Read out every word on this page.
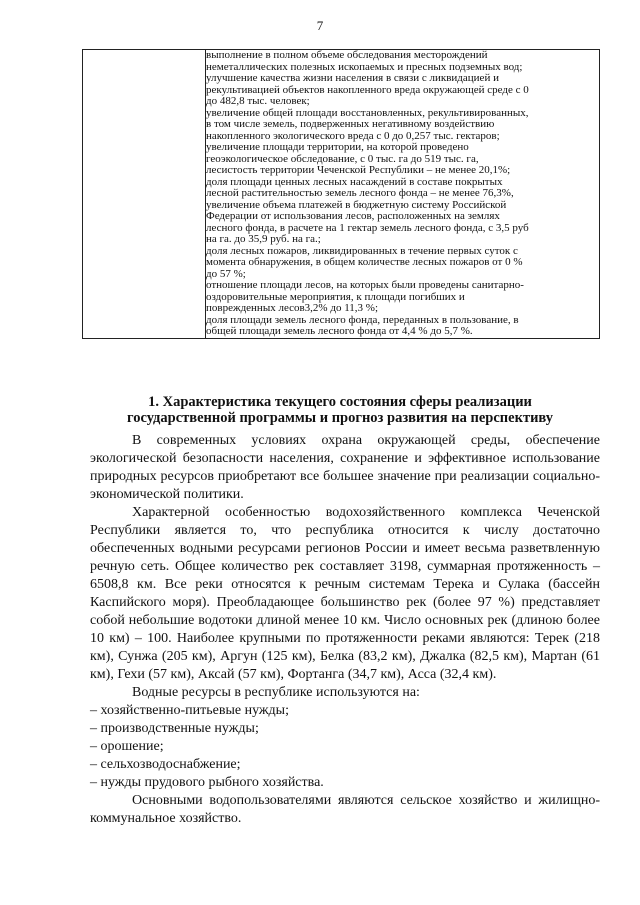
7

выполнение в полном объеме обследования месторождений
неметаллических полезных ископаемых и пресных подземных вод;

улучшение качества жизни населения в связи с ликвидацией и
рекультивацией объектов накопленного вреда окружающей среде с 0
до 482,8 тыс. человек;

увеличение общей площади восстановленных, рекультивированных,
в том числе земель, подверженных негативному воздействию
накопленного экологического вреда с 0 до 0,257 тыс. гектаров;

увеличение площади территории, на которой проведено
геоэкологическое обследование, с 0 тыс. га до 519 тыс. га,

лесистость территории Чеченской Республики – не менее 20,1%;

доля площади ценных лесных насаждений в составе покрытых
лесной растительностью земель лесного фонда – не менее 76,3%,

увеличение объема платежей в бюджетную систему Российской
Федерации от использования лесов, расположенных на землях
лесного фонда, в расчете на 1 гектар земель лесного фонда, с 3,5 руб
на га. до 35,9 руб. на га.;

доля лесных пожаров, ликвидированных в течение первых суток с
момента обнаружения, в общем количестве лесных пожаров от 0 %
до 57 %;

отношение площади лесов, на которых были проведены санитарно-
оздоровительные мероприятия, к площади погибших и
поврежденных лесов3,2% до 11,3 %;

доля площади земель лесного фонда, переданных в пользование, в
общей площади земель лесного фонда от 4,4 % до 5,7 %.

1. Характеристика текущего состояния сферы реализации
государственной программы и прогноз развития на перспективу

В современных условиях охрана окружающей среды, обеспечение экологической безопасности населения, сохранение и эффективное использование природных ресурсов приобретают все большее значение при реализации социально-экономической политики.

Характерной особенностью водохозяйственного комплекса Чеченской Республики является то, что республика относится к числу достаточно обеспеченных водными ресурсами регионов России и имеет весьма разветвленную речную сеть. Общее количество рек составляет 3198, суммарная протяженность – 6508,8 км. Все реки относятся к речным системам Терека и Сулака (бассейн Каспийского моря). Преобладающее большинство рек (более 97 %) представляет собой небольшие водотоки длиной менее 10 км. Число основных рек (длиною более 10 км) – 100. Наиболее крупными по протяженности реками являются: Терек (218 км), Сунжа (205 км), Аргун (125 км), Белка (83,2 км), Джалка (82,5 км), Мартан (61 км), Гехи (57 км), Аксай (57 км), Фортанга (34,7 км), Асса (32,4 км).

Водные ресурсы в республике используются на:

– хозяйственно-питьевые нужды;
– производственные нужды;
– орошение;
– сельхозводоснабжение;
– нужды прудового рыбного хозяйства.

Основными водопользователями являются сельское хозяйство и жилищно-коммунальное хозяйство.
